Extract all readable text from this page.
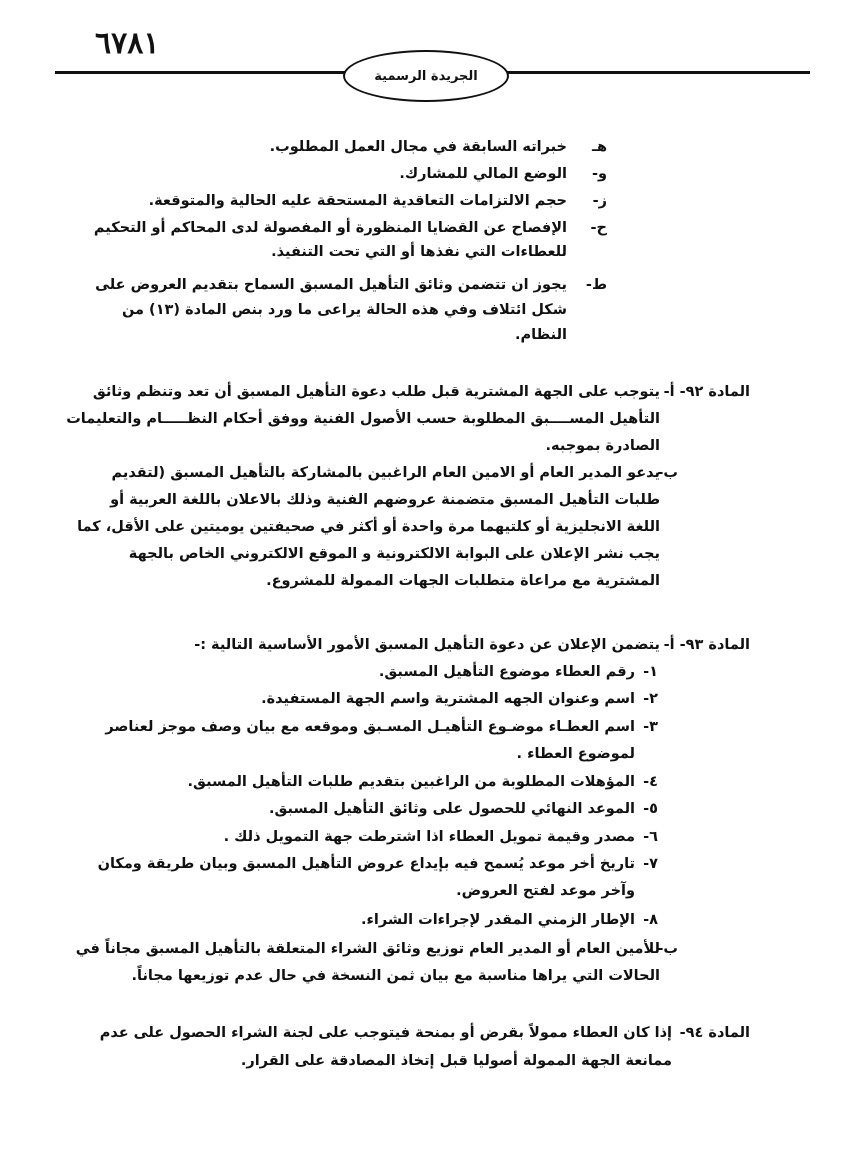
٦٧٨١
الجريدة الرسمية
هـ
خبراته السابقة في مجال العمل المطلوب.
و-
الوضع المالي للمشارك.
ز-
حجم الالتزامات التعاقدية المستحقة عليه الحالية والمتوقعة.
ح-
الإفصاح عن القضايا المنظورة أو المفصولة لدى المحاكم أو التحكيم
للعطاءات التي نفذها أو التي تحت التنفيذ.
ط-
يجوز ان تتضمن وثائق التأهيل المسبق السماح بتقديم العروض على
شكل ائتلاف وفي هذه الحالة يراعى ما ورد بنص المادة (١٣) من
النظام.
المادة ٩٢- أ-
يتوجب على الجهة المشترية قبل طلب دعوة التأهيل المسبق أن تعد وتنظم وثائق
التأهيل المســــبق المطلوبة حسب الأصول الفنية ووفق أحكام النظـــــام والتعليمات
الصادرة بموجبه.
ب-
يدعو المدير العام أو الامين العام الراغبين بالمشاركة بالتأهيل المسبق (لتقديم
طلبات التأهيل المسبق متضمنة عروضهم الفنية وذلك بالاعلان باللغة العربية أو
اللغة الانجليزية أو كلتيهما مرة واحدة أو أكثر في صحيفتين يوميتين على الأقل، كما
يجب نشر الإعلان على البوابة الالكترونية و الموقع الالكتروني الخاص بالجهة
المشترية مع مراعاة متطلبات الجهات الممولة للمشروع.
المادة ٩٣- أ-
يتضمن الإعلان عن دعوة التأهيل المسبق الأمور الأساسية التالية :-
١-
رقم العطاء موضوع التأهيل المسبق.
٢-
اسم وعنوان الجهه المشترية واسم الجهة المستفيدة.
٣-
اسم العطـاء موضـوع التأهيـل المسـبق وموقعه مع بيان وصف موجز لعناصر
لموضوع العطاء .
٤-
المؤهلات المطلوبة من الراغبين بتقديم طلبات التأهيل المسبق.
٥-
الموعد النهائي للحصول على وثائق التأهيل المسبق.
٦-
مصدر وقيمة تمويل العطاء اذا اشترطت جهة التمويل ذلك .
٧-
تاريخ أخر موعد يُسمح فيه بإيداع عروض التأهيل المسبق وبيان طريقة ومكان
وآخر موعد لفتح العروض.
٨-
الإطار الزمني المقدر لإجراءات الشراء.
ب-
للأمين العام أو المدير العام توزيع وثائق الشراء المتعلقة بالتأهيل المسبق مجاناً في
الحالات التي يراها مناسبة مع بيان ثمن النسخة في حال عدم توزيعها مجاناً.
المادة ٩٤-
إذا كان العطاء ممولاً بقرض أو بمنحة فيتوجب على لجنة الشراء الحصول على عدم
ممانعة الجهة الممولة أصوليا قبل إتخاذ المصادقة على القرار.
